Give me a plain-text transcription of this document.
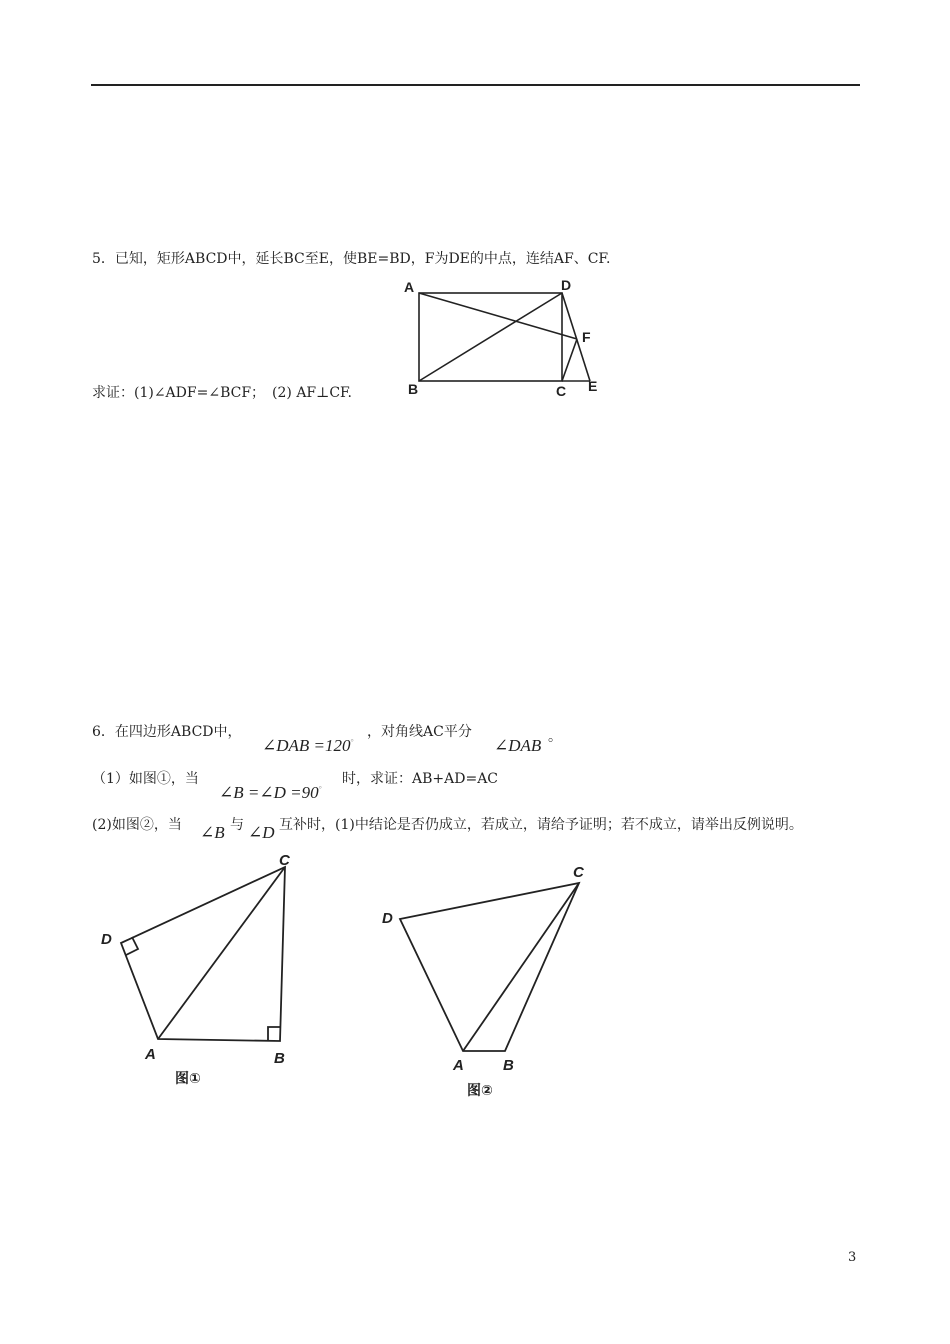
5．已知，矩形ABCD中，延长BC至E，使BE=BD，F为DE的中点，连结AF、CF.
A	D
F
B	C E
求证：(1)∠ADF=∠BCF；　(2) AF⊥CF.
6．在四边形ABCD中，
∠DAB =120°
，对角线AC平分
∠DAB 。
（1）如图①，当
∠B =∠D =90°
时，求证：AB+AD=AC
(2)如图②，当 ∠B 与 ∠D 互补时，(1)中结论是否仍成立，若成立，请给予证明；若不成立，请举出反例说明。
C
D
A	B
图①
C
D
A	B
图②
3
